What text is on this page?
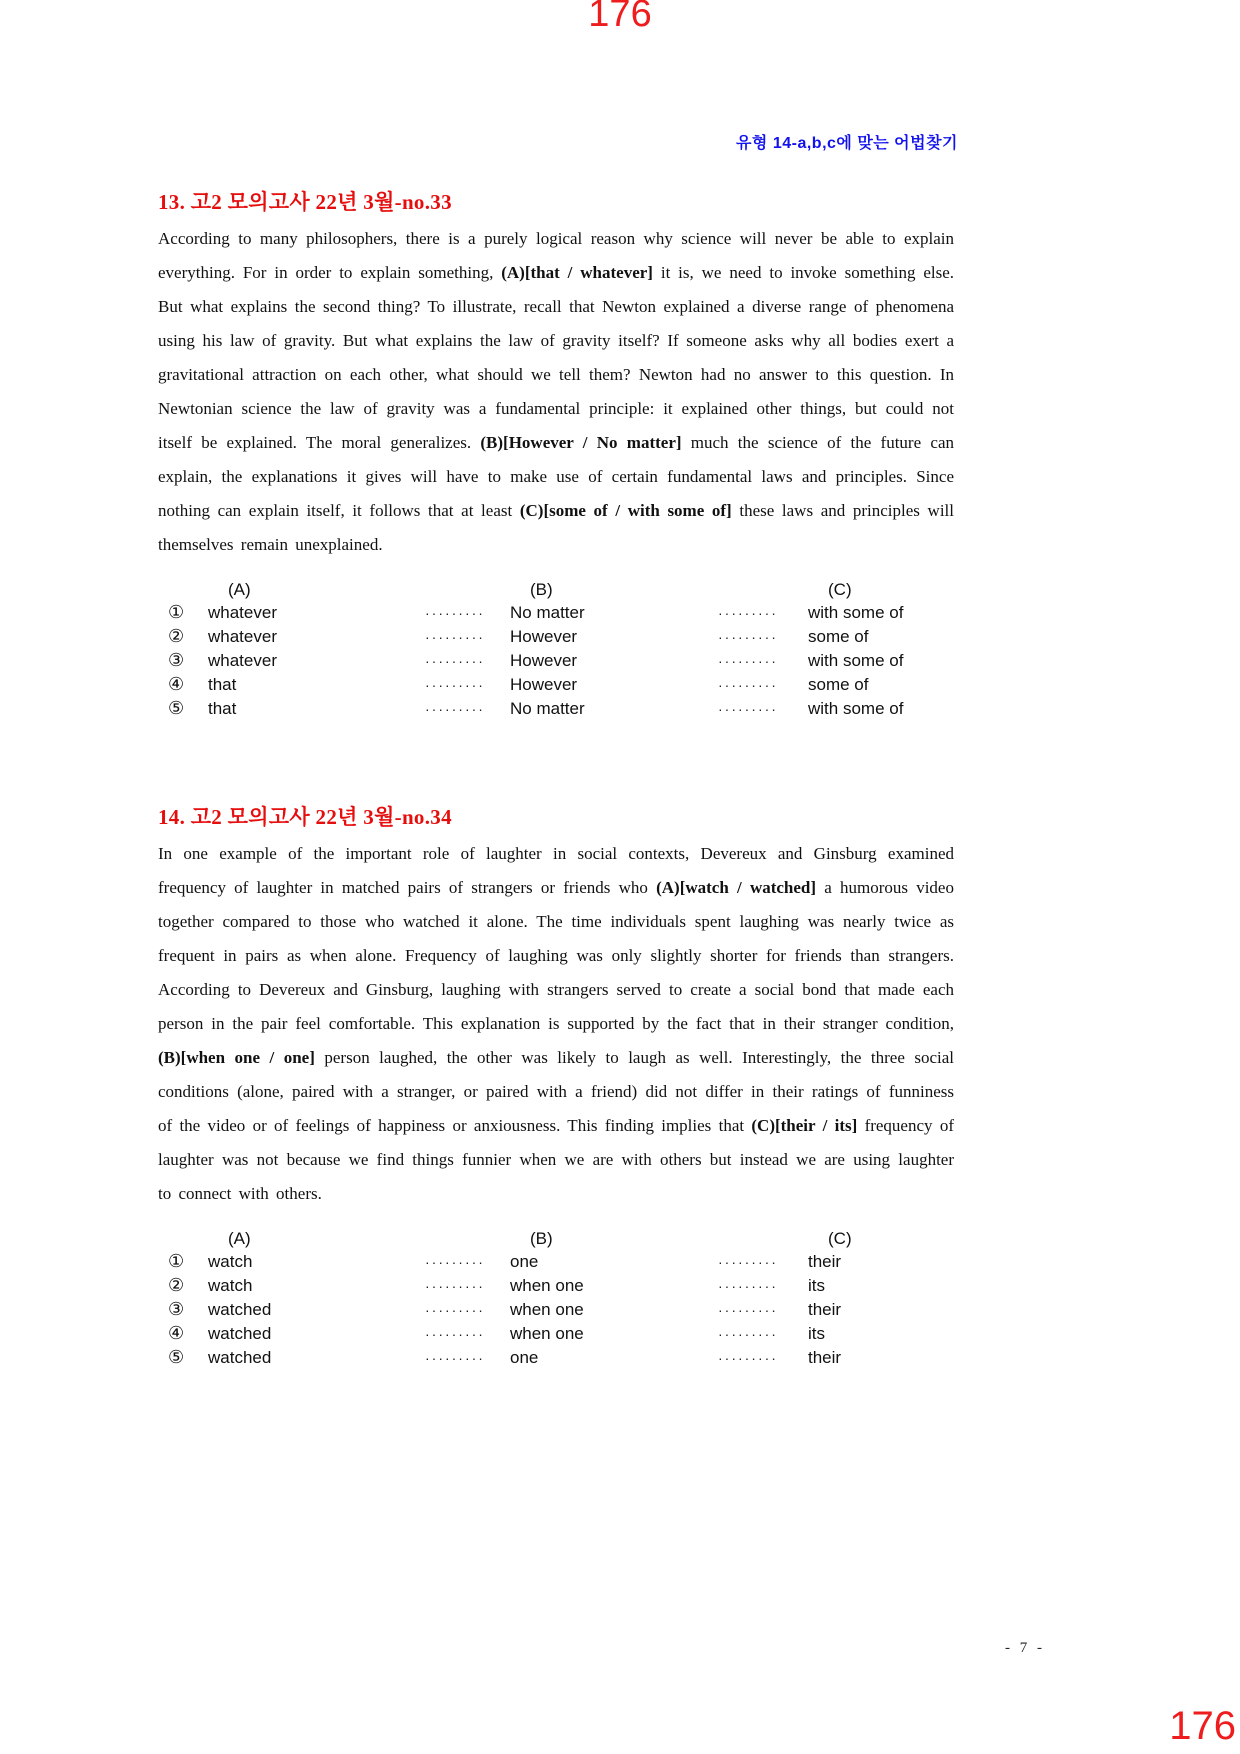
176
유형 14-a,b,c에 맞는 어법찾기
13. 고2 모의고사 22년 3월-no.33

According to many philosophers, there is a purely logical reason why science will never be able to explain everything. For in order to explain something, (A)[that / whatever] it is, we need to invoke something else. But what explains the second thing? To illustrate, recall that Newton explained a diverse range of phenomena using his law of gravity. But what explains the law of gravity itself? If someone asks why all bodies exert a gravitational attraction on each other, what should we tell them? Newton had no answer to this question. In Newtonian science the law of gravity was a fundamental principle: it explained other things, but could not itself be explained. The moral generalizes. (B)[However / No matter] much the science of the future can explain, the explanations it gives will have to make use of certain fundamental laws and principles. Since nothing can explain itself, it follows that at least (C)[some of / with some of] these laws and principles will themselves remain unexplained.

(A)	(B)	(C)
①	whatever	·········	No matter	·········	with some of
②	whatever	·········	However	·········	some of
③	whatever	·········	However	·········	with some of
④	that	·········	However	·········	some of
⑤	that	·········	No matter	·········	with some of
14. 고2 모의고사 22년 3월-no.34

In one example of the important role of laughter in social contexts, Devereux and Ginsburg examined frequency of laughter in matched pairs of strangers or friends who (A)[watch / watched] a humorous video together compared to those who watched it alone. The time individuals spent laughing was nearly twice as frequent in pairs as when alone. Frequency of laughing was only slightly shorter for friends than strangers. According to Devereux and Ginsburg, laughing with strangers served to create a social bond that made each person in the pair feel comfortable. This explanation is supported by the fact that in their stranger condition, (B)[when one / one] person laughed, the other was likely to laugh as well. Interestingly, the three social conditions (alone, paired with a stranger, or paired with a friend) did not differ in their ratings of funniness of the video or of feelings of happiness or anxiousness. This finding implies that (C)[their / its] frequency of laughter was not because we find things funnier when we are with others but instead we are using laughter to connect with others.

(A)	(B)	(C)
①	watch	·········	one	·········	their
②	watch	·········	when one	·········	its
③	watched	·········	when one	·········	their
④	watched	·········	when one	·········	its
⑤	watched	·········	one	·········	their
- 7 -
176
